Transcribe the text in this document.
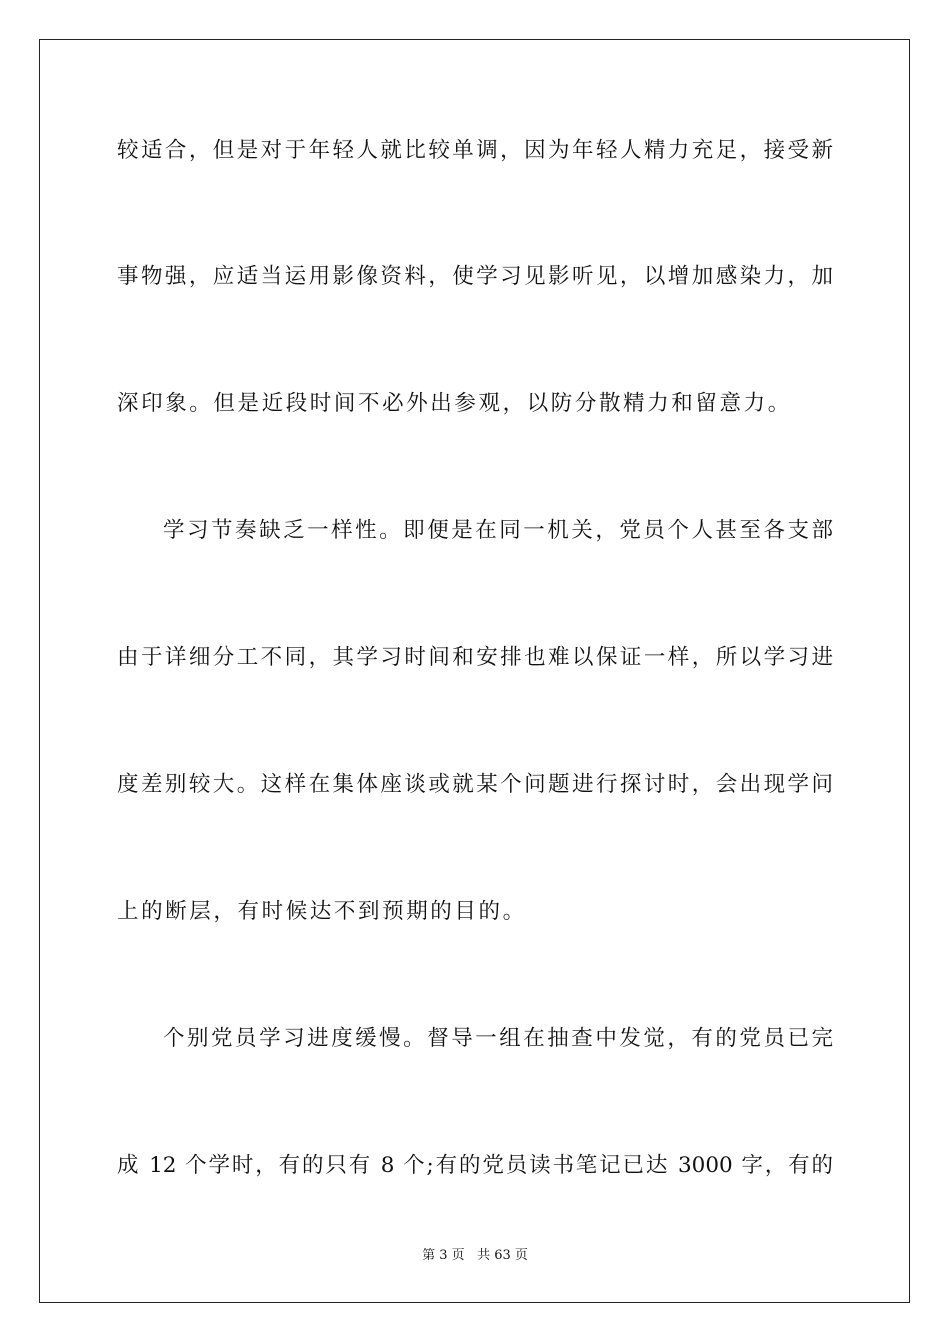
较适合，但是对于年轻人就比较单调，因为年轻人精力充足，接受新
事物强，应适当运用影像资料，使学习见影听见，以增加感染力，加
深印象。但是近段时间不必外出参观，以防分散精力和留意力。
学习节奏缺乏一样性。即便是在同一机关，党员个人甚至各支部
由于详细分工不同，其学习时间和安排也难以保证一样，所以学习进
度差别较大。这样在集体座谈或就某个问题进行探讨时，会出现学问
上的断层，有时候达不到预期的目的。
个别党员学习进度缓慢。督导一组在抽查中发觉，有的党员已完
成 12 个学时，有的只有 8 个;有的党员读书笔记已达 3000 字，有的
第 3 页 共 63 页
